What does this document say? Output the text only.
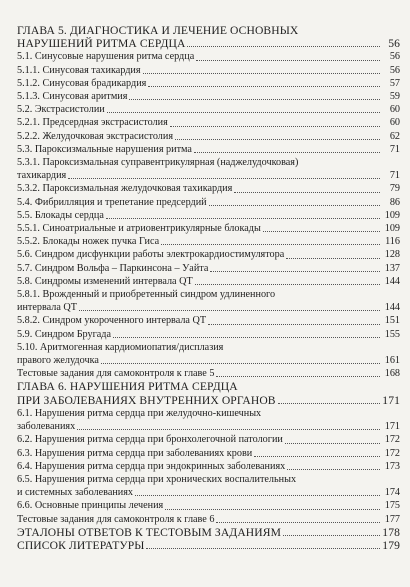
ГЛАВА 5. ДИАГНОСТИКА И ЛЕЧЕНИЕ ОСНОВНЫХ
НАРУШЕНИЙ РИТМА СЕРДЦА	56
5.1. Синусовые нарушения ритма сердца	56
5.1.1. Синусовая тахикардия	56
5.1.2. Синусовая брадикардия	57
5.1.3. Синусовая аритмия	59
5.2. Экстрасистолии	60
5.2.1. Предсердная экстрасистолия	60
5.2.2. Желудочковая экстрасистолия	62
5.3. Пароксизмальные нарушения ритма	71
5.3.1. Пароксизмальная суправентрикулярная (наджелудочковая)
тахикардия	71
5.3.2. Пароксизмальная желудочковая тахикардия	79
5.4. Фибрилляция и трепетание предсердий	86
5.5. Блокады сердца	109
5.5.1. Синоатриальные и атриовентрикулярные блокады	109
5.5.2. Блокады ножек пучка Гиса	116
5.6. Синдром дисфункции работы электрокардиостимулятора	128
5.7. Синдром Вольфа – Паркинсона – Уайта	137
5.8. Синдромы изменений интервала QT	144
5.8.1. Врожденный и приобретенный синдром удлиненного
интервала QT	144
5.8.2. Синдром укороченного интервала QT	151
5.9. Синдром Бругада	155
5.10. Аритмогенная кардиомиопатия/дисплазия
правого желудочка	161
Тестовые задания для самоконтроля к главе 5	168
ГЛАВА 6. НАРУШЕНИЯ РИТМА СЕРДЦА
ПРИ ЗАБОЛЕВАНИЯХ ВНУТРЕННИХ ОРГАНОВ	171
6.1. Нарушения ритма сердца при желудочно-кишечных
заболеваниях	171
6.2. Нарушения ритма сердца при бронхолегочной патологии	172
6.3. Нарушения ритма сердца при заболеваниях крови	172
6.4. Нарушения ритма сердца при эндокринных заболеваниях	173
6.5. Нарушения ритма сердца при хронических воспалительных
и системных заболеваниях	174
6.6. Основные принципы лечения	175
Тестовые задания для самоконтроля к главе 6	177
ЭТАЛОНЫ ОТВЕТОВ К ТЕСТОВЫМ ЗАДАНИЯМ	178
СПИСОК ЛИТЕРАТУРЫ	179
